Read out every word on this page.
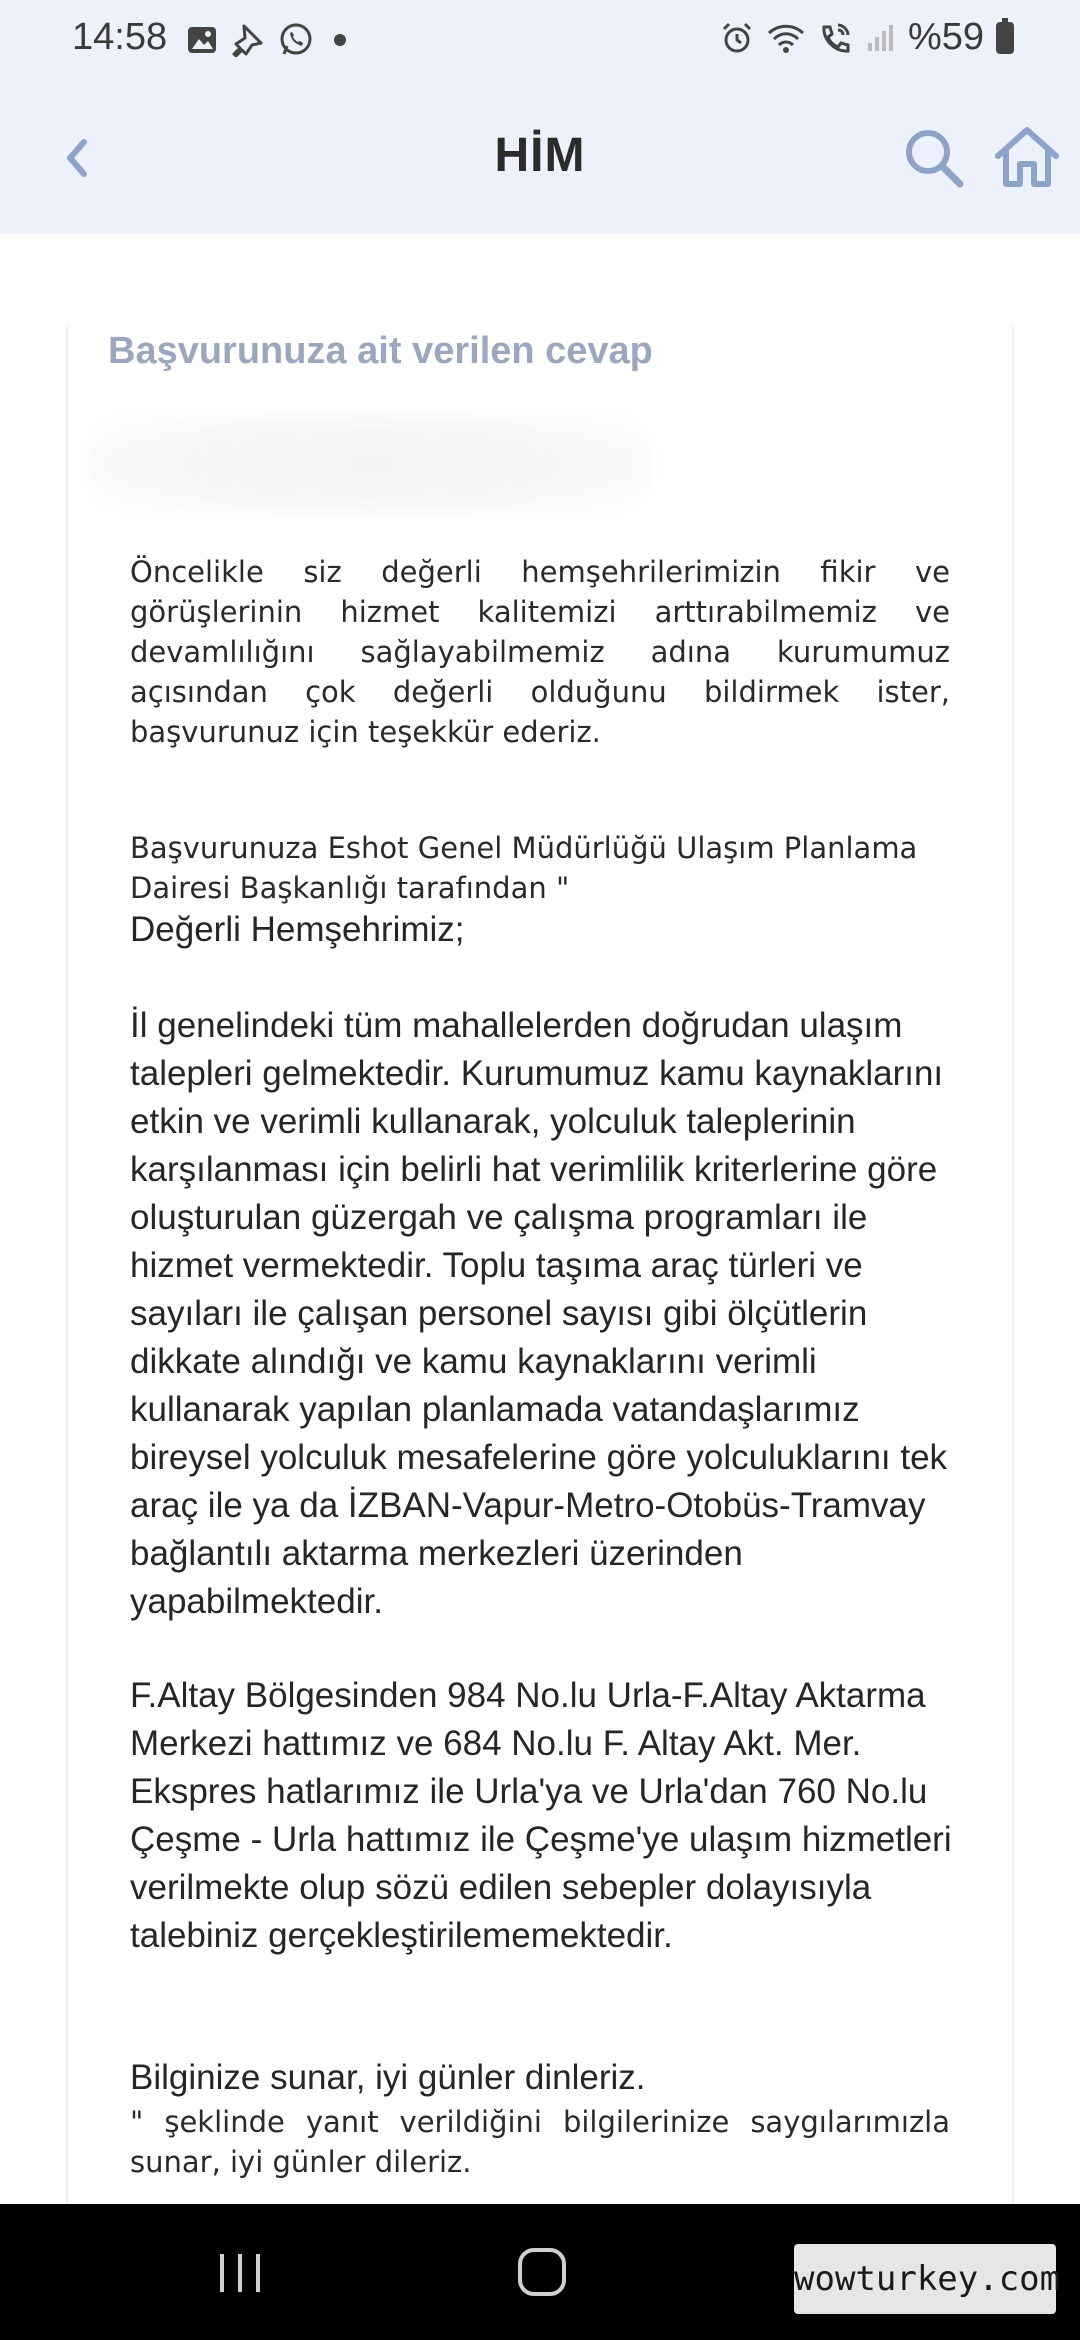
14:58	%59
HİM
Başvurunuza ait verilen cevap
Öncelikle siz değerli hemşehrilerimizin fikir ve görüşlerinin hizmet kalitemizi arttırabilmemiz ve devamlılığını sağlayabilmemiz adına kurumumuz açısından çok değerli olduğunu bildirmek ister, başvurunuz için teşekkür ederiz.
Başvurunuza Eshot Genel Müdürlüğü Ulaşım Planlama Dairesi Başkanlığı tarafından "
Değerli Hemşehrimiz;
İl genelindeki tüm mahallelerden doğrudan ulaşım talepleri gelmektedir. Kurumumuz kamu kaynaklarını etkin ve verimli kullanarak, yolculuk taleplerinin karşılanması için belirli hat verimlilik kriterlerine göre oluşturulan güzergah ve çalışma programları ile hizmet vermektedir. Toplu taşıma araç türleri ve sayıları ile çalışan personel sayısı gibi ölçütlerin dikkate alındığı ve kamu kaynaklarını verimli kullanarak yapılan planlamada vatandaşlarımız bireysel yolculuk mesafelerine göre yolculuklarını tek araç ile ya da İZBAN-Vapur-Metro-Otobüs-Tramvay bağlantılı aktarma merkezleri üzerinden yapabilmektedir.
F.Altay Bölgesinden 984 No.lu Urla-F.Altay Aktarma Merkezi hattımız ve 684 No.lu F. Altay Akt. Mer. Ekspres hatlarımız ile Urla'ya ve Urla'dan 760 No.lu Çeşme - Urla hattımız ile Çeşme'ye ulaşım hizmetleri verilmekte olup sözü edilen sebepler dolayısıyla talebiniz gerçekleştirilememektedir.
Bilginize sunar, iyi günler dinleriz.
" şeklinde yanıt verildiğini bilgilerinize saygılarımızla sunar, iyi günler dileriz.
wowturkey.com
